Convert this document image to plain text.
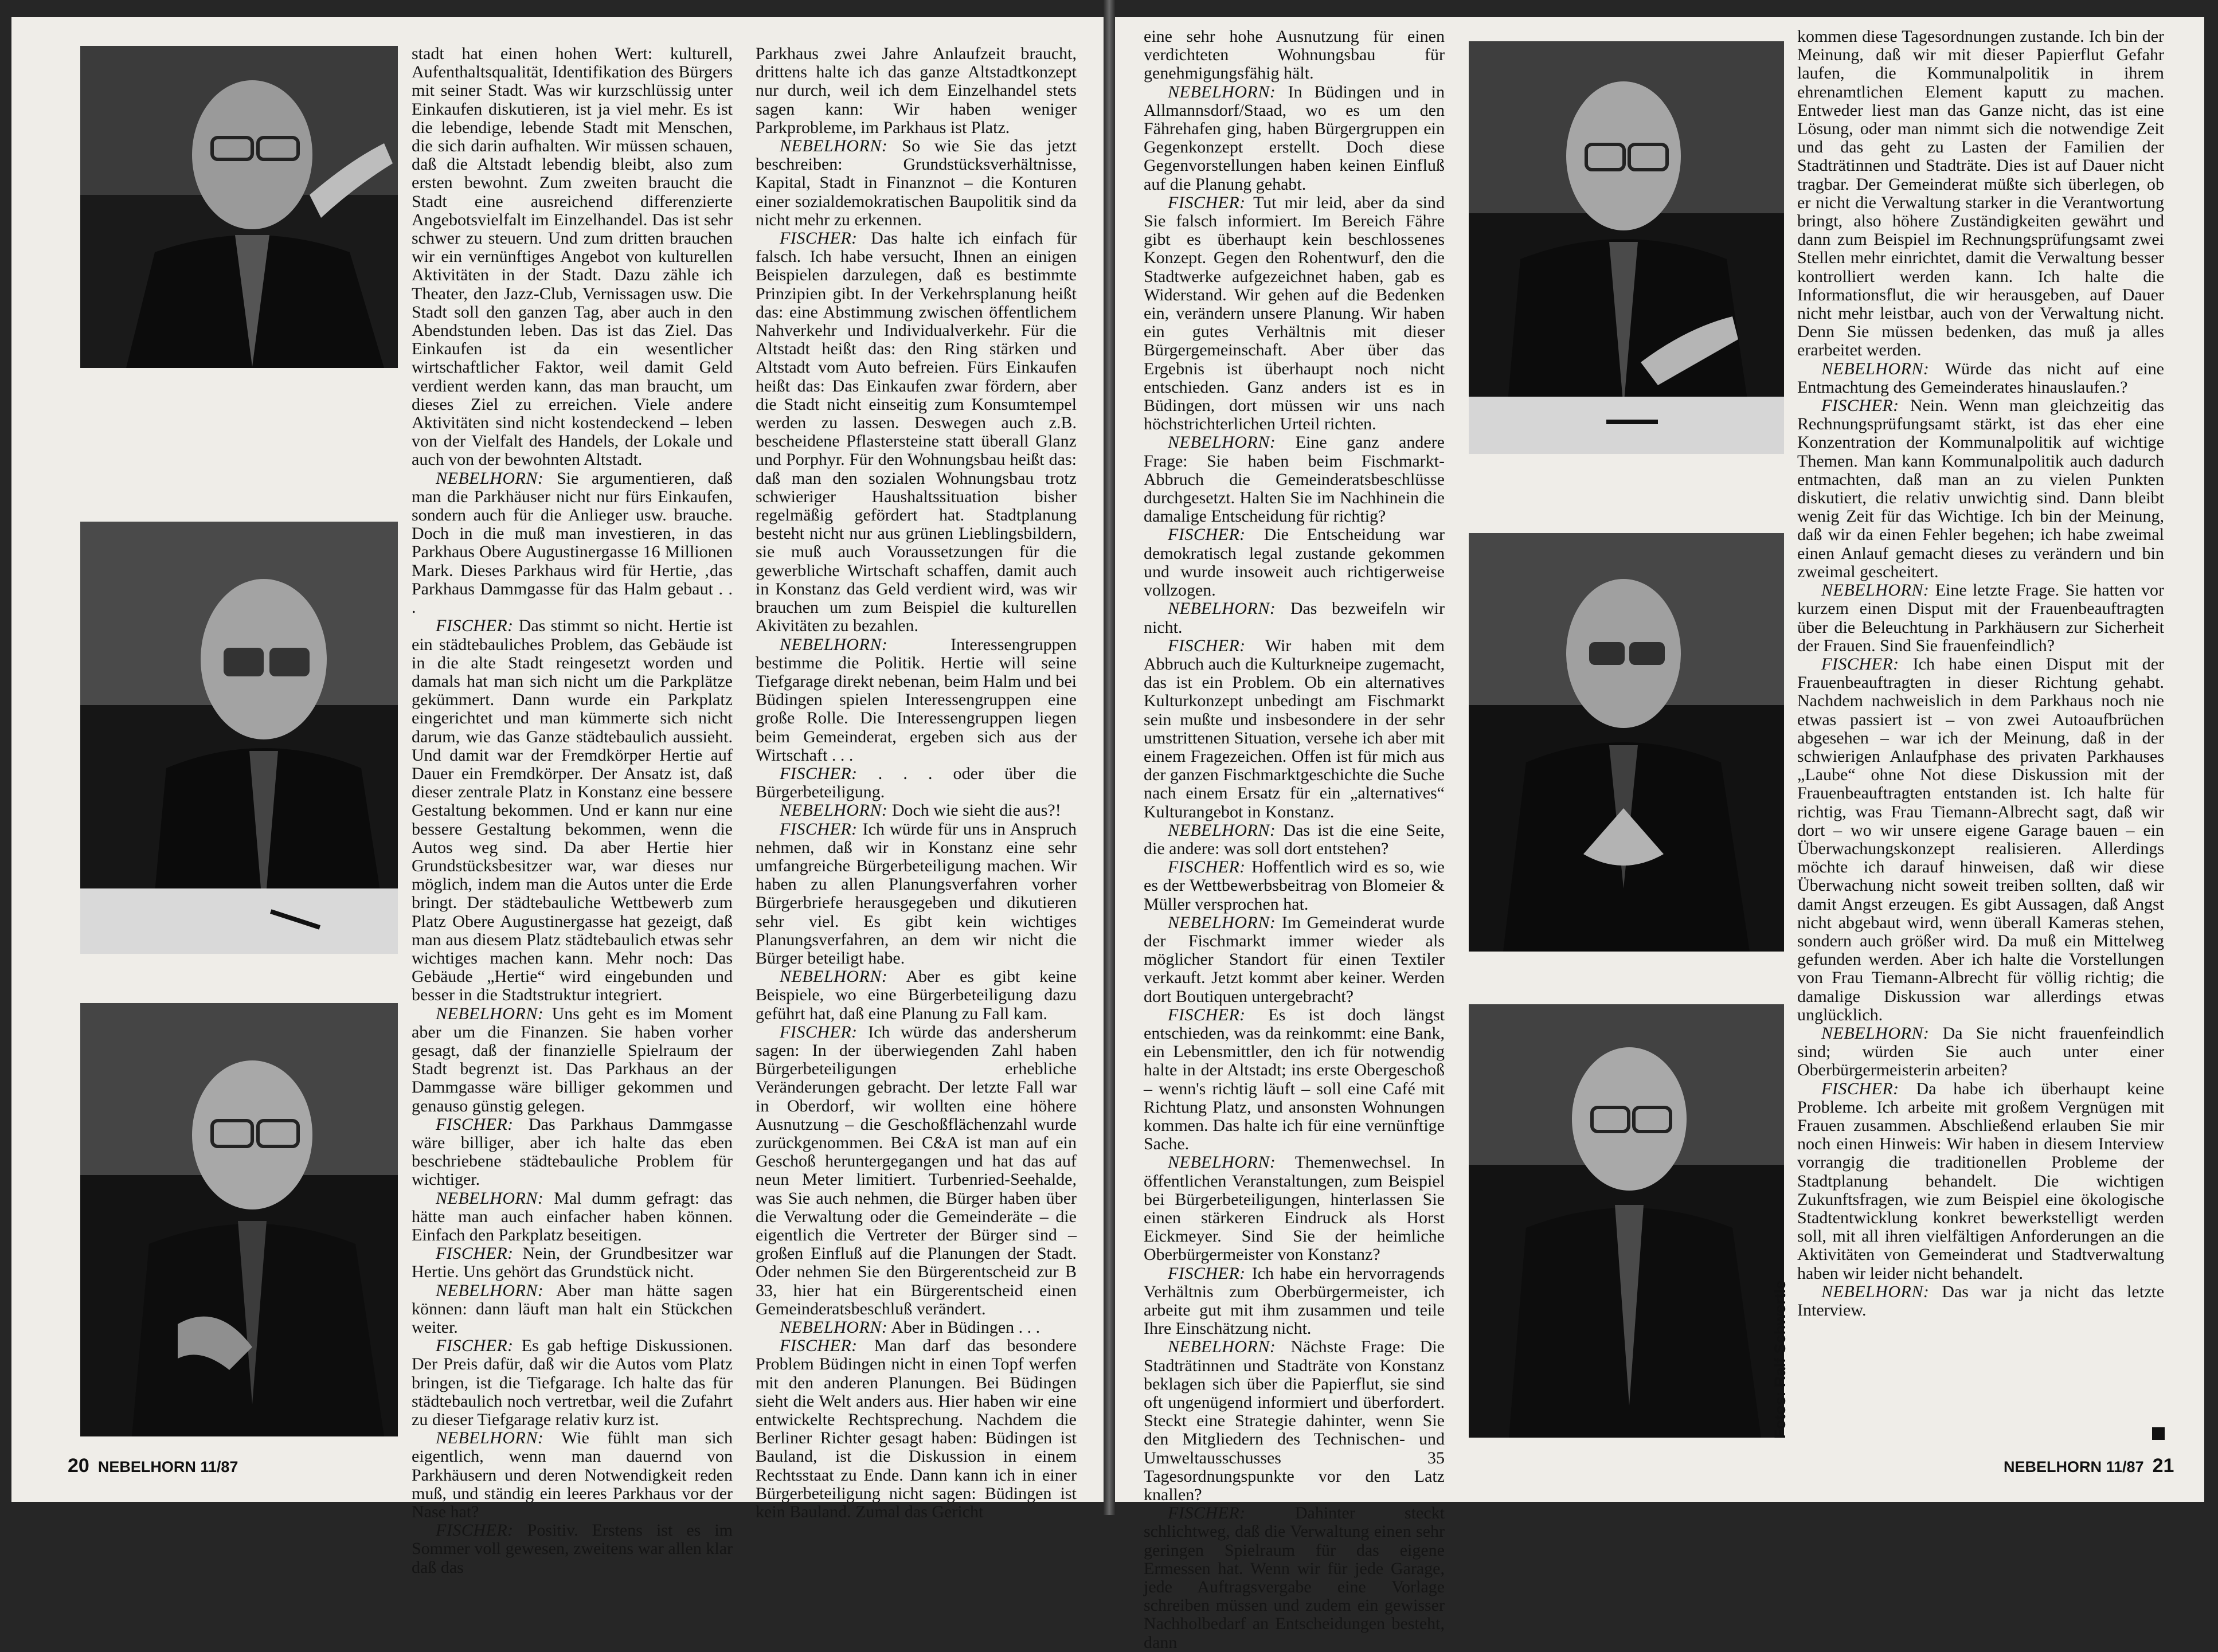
stadt hat einen hohen Wert: kulturell, Aufenthaltsqualität, Identifikation des Bürgers mit seiner Stadt. Was wir kurzschlüssig unter Einkaufen diskutieren, ist ja viel mehr. Es ist die lebendige, lebende Stadt mit Menschen, die sich darin aufhalten. Wir müssen schauen, daß die Altstadt lebendig bleibt, also zum ersten bewohnt. Zum zweiten braucht die Stadt eine ausreichend differenzierte Angebotsvielfalt im Einzelhandel. Das ist sehr schwer zu steuern. Und zum dritten brauchen wir ein vernünftiges Angebot von kulturellen Aktivitäten in der Stadt. Dazu zähle ich Theater, den Jazz-Club, Vernissagen usw. Die Stadt soll den ganzen Tag, aber auch in den Abendstunden leben. Das ist das Ziel. Das Einkaufen ist da ein wesentlicher wirtschaftlicher Faktor, weil damit Geld verdient werden kann, das man braucht, um dieses Ziel zu erreichen. Viele andere Aktivitäten sind nicht kostendeckend – leben von der Vielfalt des Handels, der Lokale und auch von der bewohnten Altstadt.

NEBELHORN: Sie argumentieren, daß man die Parkhäuser nicht nur fürs Einkaufen, sondern auch für die Anlieger usw. brauche. Doch in die muß man investieren, in das Parkhaus Obere Augustinergasse 16 Millionen Mark. Dieses Parkhaus wird für Hertie, ‚das Parkhaus Dammgasse für das Halm gebaut . . .

FISCHER: Das stimmt so nicht. Hertie ist ein städtebauliches Problem, das Gebäude ist in die alte Stadt reingesetzt worden und damals hat man sich nicht um die Parkplätze gekümmert. Dann wurde ein Parkplatz eingerichtet und man kümmerte sich nicht darum, wie das Ganze städtebaulich aussieht. Und damit war der Fremdkörper Hertie auf Dauer ein Fremdkörper. Der Ansatz ist, daß dieser zentrale Platz in Konstanz eine bessere Gestaltung bekommen. Und er kann nur eine bessere Gestaltung bekommen, wenn die Autos weg sind. Da aber Hertie hier Grundstücksbesitzer war, war dieses nur möglich, indem man die Autos unter die Erde bringt. Der städtebauliche Wettbewerb zum Platz Obere Augustinergasse hat gezeigt, daß man aus diesem Platz städtebaulich etwas sehr wichtiges machen kann. Mehr noch: Das Gebäude „Hertie“ wird eingebunden und besser in die Stadtstruktur integriert.

NEBELHORN: Uns geht es im Moment aber um die Finanzen. Sie haben vorher gesagt, daß der finanzielle Spielraum der Stadt begrenzt ist. Das Parkhaus an der Dammgasse wäre billiger gekommen und genauso günstig gelegen.

FISCHER: Das Parkhaus Dammgasse wäre billiger, aber ich halte das eben beschriebene städtebauliche Problem für wichtiger.

NEBELHORN: Mal dumm gefragt: das hätte man auch einfacher haben können. Einfach den Parkplatz beseitigen.

FISCHER: Nein, der Grundbesitzer war Hertie. Uns gehört das Grundstück nicht.

NEBELHORN: Aber man hätte sagen können: dann läuft man halt ein Stückchen weiter.

FISCHER: Es gab heftige Diskussionen. Der Preis dafür, daß wir die Autos vom Platz bringen, ist die Tiefgarage. Ich halte das für städtebaulich noch vertretbar, weil die Zufahrt zu dieser Tiefgarage relativ kurz ist.

NEBELHORN: Wie fühlt man sich eigentlich, wenn man dauernd von Parkhäusern und deren Notwendigkeit reden muß, und ständig ein leeres Parkhaus vor der Nase hat?

FISCHER: Positiv. Erstens ist es im Sommer voll gewesen, zweitens war allen klar daß das

Parkhaus zwei Jahre Anlaufzeit braucht, drittens halte ich das ganze Altstadtkonzept nur durch, weil ich dem Einzelhandel stets sagen kann: Wir haben weniger Parkprobleme, im Parkhaus ist Platz.

NEBELHORN: So wie Sie das jetzt beschreiben: Grundstücksverhältnisse, Kapital, Stadt in Finanznot – die Konturen einer sozialdemokratischen Baupolitik sind da nicht mehr zu erkennen.

FISCHER: Das halte ich einfach für falsch. Ich habe versucht, Ihnen an einigen Beispielen darzulegen, daß es bestimmte Prinzipien gibt. In der Verkehrsplanung heißt das: eine Abstimmung zwischen öffentlichem Nahverkehr und Individualverkehr. Für die Altstadt heißt das: den Ring stärken und Altstadt vom Auto befreien. Fürs Einkaufen heißt das: Das Einkaufen zwar fördern, aber die Stadt nicht einseitig zum Konsumtempel werden zu lassen. Deswegen auch z.B. bescheidene Pflastersteine statt überall Glanz und Porphyr. Für den Wohnungsbau heißt das: daß man den sozialen Wohnungsbau trotz schwieriger Haushaltssituation bisher regelmäßig gefördert hat. Stadtplanung besteht nicht nur aus grünen Lieblingsbildern, sie muß auch Voraussetzungen für die gewerbliche Wirtschaft schaffen, damit auch in Konstanz das Geld verdient wird, was wir brauchen um zum Beispiel die kulturellen Akivitäten zu bezahlen.

NEBELHORN:	Interessengruppen bestimme die Politik. Hertie will seine Tiefgarage direkt nebenan, beim Halm und bei Büdingen spielen Interessengruppen eine große Rolle. Die Interessengruppen liegen beim Gemeinderat, ergeben sich aus der Wirtschaft . . .

FISCHER: . . . oder über die Bürgerbeteiligung.

NEBELHORN: Doch wie sieht die aus?!

FISCHER: Ich würde für uns in Anspruch nehmen, daß wir in Konstanz eine sehr umfangreiche Bürgerbeteiligung machen. Wir haben zu allen Planungsverfahren vorher Bürgerbriefe herausgegeben und dikutieren sehr viel. Es gibt kein wichtiges Planungsverfahren, an dem wir nicht die Bürger beteiligt habe.

NEBELHORN: Aber es gibt keine Beispiele, wo eine Bürgerbeteiligung dazu geführt hat, daß eine Planung zu Fall kam.

FISCHER: Ich würde das andersherum sagen: In der überwiegenden Zahl haben Bürgerbeteiligungen erhebliche Veränderungen gebracht. Der letzte Fall war in Oberdorf, wir wollten eine höhere Ausnutzung – die Geschoßflächenzahl wurde zurückgenommen. Bei C&A ist man auf ein Geschoß heruntergegangen und hat das auf neun Meter limitiert. Turbenried-Seehalde, was Sie auch nehmen, die Bürger haben über die Verwaltung oder die Gemeinderäte – die eigentlich die Vertreter der Bürger sind – großen Einfluß auf die Planungen der Stadt. Oder nehmen Sie den Bürgerentscheid zur B 33, hier hat ein Bürgerentscheid einen Gemeinderatsbeschluß verändert.

NEBELHORN: Aber in Büdingen . . .

FISCHER: Man darf das besondere Problem Büdingen nicht in einen Topf werfen mit den anderen Planungen. Bei Büdingen sieht die Welt anders aus. Hier haben wir eine entwickelte Rechtsprechung. Nachdem die Berliner Richter gesagt haben: Büdingen ist Bauland, ist die Diskussion in einem Rechtsstaat zu Ende. Dann kann ich in einer Bürgerbeteiligung nicht sagen: Büdingen ist kein Bauland. Zumal das Gericht

20 NEBELHORN 11/87

eine sehr hohe Ausnutzung für einen verdichteten Wohnungsbau für genehmigungsfähig hält.

NEBELHORN: In Büdingen und in Allmannsdorf/Staad, wo es um den Fährehafen ging, haben Bürgergruppen ein Gegenkonzept erstellt. Doch diese Gegenvorstellungen haben keinen Einfluß auf die Planung gehabt.

FISCHER: Tut mir leid, aber da sind Sie falsch informiert. Im Bereich Fähre gibt es überhaupt kein beschlossenes Konzept. Gegen den Rohentwurf, den die Stadtwerke aufgezeichnet haben, gab es Widerstand. Wir gehen auf die Bedenken ein, verändern unsere Planung. Wir haben ein gutes Verhältnis mit dieser Bürgergemeinschaft. Aber über das Ergebnis ist überhaupt noch nicht entschieden. Ganz anders ist es in Büdingen, dort müssen wir uns nach höchstrichterlichen Urteil richten.

NEBELHORN: Eine ganz andere Frage: Sie haben beim Fischmarkt-Abbruch die Gemeinderatsbeschlüsse durchgesetzt. Halten Sie im Nachhinein die damalige Entscheidung für richtig?

FISCHER: Die Entscheidung war demokratisch legal zustande gekommen und wurde insoweit auch richtigerweise vollzogen.

NEBELHORN: Das bezweifeln wir nicht.

FISCHER: Wir haben mit dem Abbruch auch die Kulturkneipe zugemacht, das ist ein Problem. Ob ein alternatives Kulturkonzept unbedingt am Fischmarkt sein mußte und insbesondere in der sehr umstrittenen Situation, versehe ich aber mit einem Fragezeichen. Offen ist für mich aus der ganzen Fischmarktgeschichte die Suche nach einem Ersatz für ein „alternatives“ Kulturangebot in Konstanz.

NEBELHORN: Das ist die eine Seite, die andere: was soll dort entstehen?

FISCHER: Hoffentlich wird es so, wie es der Wettbewerbsbeitrag von Blomeier & Müller versprochen hat.

NEBELHORN: Im Gemeinderat wurde der Fischmarkt immer wieder als möglicher Standort für einen Textiler verkauft. Jetzt kommt aber keiner. Werden dort Boutiquen untergebracht?

FISCHER: Es ist doch längst entschieden, was da reinkommt: eine Bank, ein Lebensmittler, den ich für notwendig halte in der Altstadt; ins erste Obergeschoß – wenn's richtig läuft – soll eine Café mit Richtung Platz, und ansonsten Wohnungen kommen. Das halte ich für eine vernünftige Sache.

NEBELHORN: Themenwechsel. In öffentlichen Veranstaltungen, zum Beispiel bei Bürgerbeteiligungen, hinterlassen Sie einen stärkeren Eindruck als Horst Eickmeyer. Sind Sie der heimliche Oberbürgermeister von Konstanz?

FISCHER: Ich habe ein hervorragends Verhältnis zum Oberbürgermeister, ich arbeite gut mit ihm zusammen und teile Ihre Einschätzung nicht.

NEBELHORN: Nächste Frage: Die Stadträtinnen und Stadträte von Konstanz beklagen sich über die Papierflut, sie sind oft ungenügend informiert und überfordert. Steckt eine Strategie dahinter, wenn Sie den Mitgliedern des Technischen- und Umweltausschusses 35 Tagesordnungspunkte vor den Latz knallen?

FISCHER:	Dahinter steckt schlichtweg, daß die Verwaltung einen sehr geringen Spielraum für das eigene Ermessen hat. Wenn wir für jede Garage, jede Auftragsvergabe eine Vorlage schreiben müssen und zudem ein gewisser Nachholbedarf an Entscheidungen besteht, dann

Fotos: Ralf Schwertle

kommen diese Tagesordnungen zustande. Ich bin der Meinung, daß wir mit dieser Papierflut Gefahr laufen, die Kommunalpolitik in ihrem ehrenamtlichen Element kaputt zu machen. Entweder liest man das Ganze nicht, das ist eine Lösung, oder man nimmt sich die notwendige Zeit und das geht zu Lasten der Familien der Stadträtinnen und Stadträte. Dies ist auf Dauer nicht tragbar. Der Gemeinderat müßte sich überlegen, ob er nicht die Verwaltung starker in die Verantwortung bringt, also höhere Zuständigkeiten gewährt und dann zum Beispiel im Rechnungsprüfungsamt zwei Stellen mehr einrichtet, damit die Verwaltung besser kontrolliert werden kann. Ich halte die Informationsflut, die wir herausgeben, auf Dauer nicht mehr leistbar, auch von der Verwaltung nicht. Denn Sie müssen bedenken, das muß ja alles erarbeitet werden.

NEBELHORN: Würde das nicht auf eine Entmachtung des Gemeinderates hinauslaufen.?

FISCHER: Nein. Wenn man gleichzeitig das Rechnungsprüfungsamt stärkt, ist das eher eine Konzentration der Kommunalpolitik auf wichtige Themen. Man kann Kommunalpolitik auch dadurch entmachten, daß man an zu vielen Punkten diskutiert, die relativ unwichtig sind. Dann bleibt wenig Zeit für das Wichtige. Ich bin der Meinung, daß wir da einen Fehler begehen; ich habe zweimal einen Anlauf gemacht dieses zu verändern und bin zweimal gescheitert.

NEBELHORN: Eine letzte Frage. Sie hatten vor kurzem einen Disput mit der Frauenbeauftragten über die Beleuchtung in Parkhäusern zur Sicherheit der Frauen. Sind Sie frauenfeindlich?

FISCHER: Ich habe einen Disput mit der Frauenbeauftragten in dieser Richtung gehabt. Nachdem nachweislich in dem Parkhaus noch nie etwas passiert ist – von zwei Autoaufbrüchen abgesehen – war ich der Meinung, daß in der schwierigen Anlaufphase des privaten Parkhauses „Laube“ ohne Not diese Diskussion mit der Frauenbeauftragten entstanden ist. Ich halte für richtig, was Frau Tiemann-Albrecht sagt, daß wir dort – wo wir unsere eigene Garage bauen – ein Überwachungskonzept realisieren. Allerdings möchte ich darauf hinweisen, daß wir diese Überwachung nicht soweit treiben sollten, daß wir damit Angst erzeugen. Es gibt Aussagen, daß Angst nicht abgebaut wird, wenn überall Kameras stehen, sondern auch größer wird. Da muß ein Mittelweg gefunden werden. Aber ich halte die Vorstellungen von Frau Tiemann-Albrecht für völlig richtig; die damalige Diskussion war allerdings etwas unglücklich.

NEBELHORN: Da Sie nicht frauenfeindlich sind; würden Sie auch unter einer Oberbürgermeisterin arbeiten?

FISCHER: Da habe ich überhaupt keine Probleme. Ich arbeite mit großem Vergnügen mit Frauen zusammen. Abschließend erlauben Sie mir noch einen Hinweis: Wir haben in diesem Interview vorrangig die traditionellen Probleme der Stadtplanung behandelt. Die wichtigen Zukunftsfragen, wie zum Beispiel eine ökologische Stadtentwicklung konkret bewerkstelligt werden soll, mit all ihren vielfältigen Anforderungen an die Aktivitäten von Gemeinderat und Stadtverwaltung haben wir leider nicht behandelt.

NEBELHORN: Das war ja nicht das letzte Interview.

NEBELHORN 11/87 21
